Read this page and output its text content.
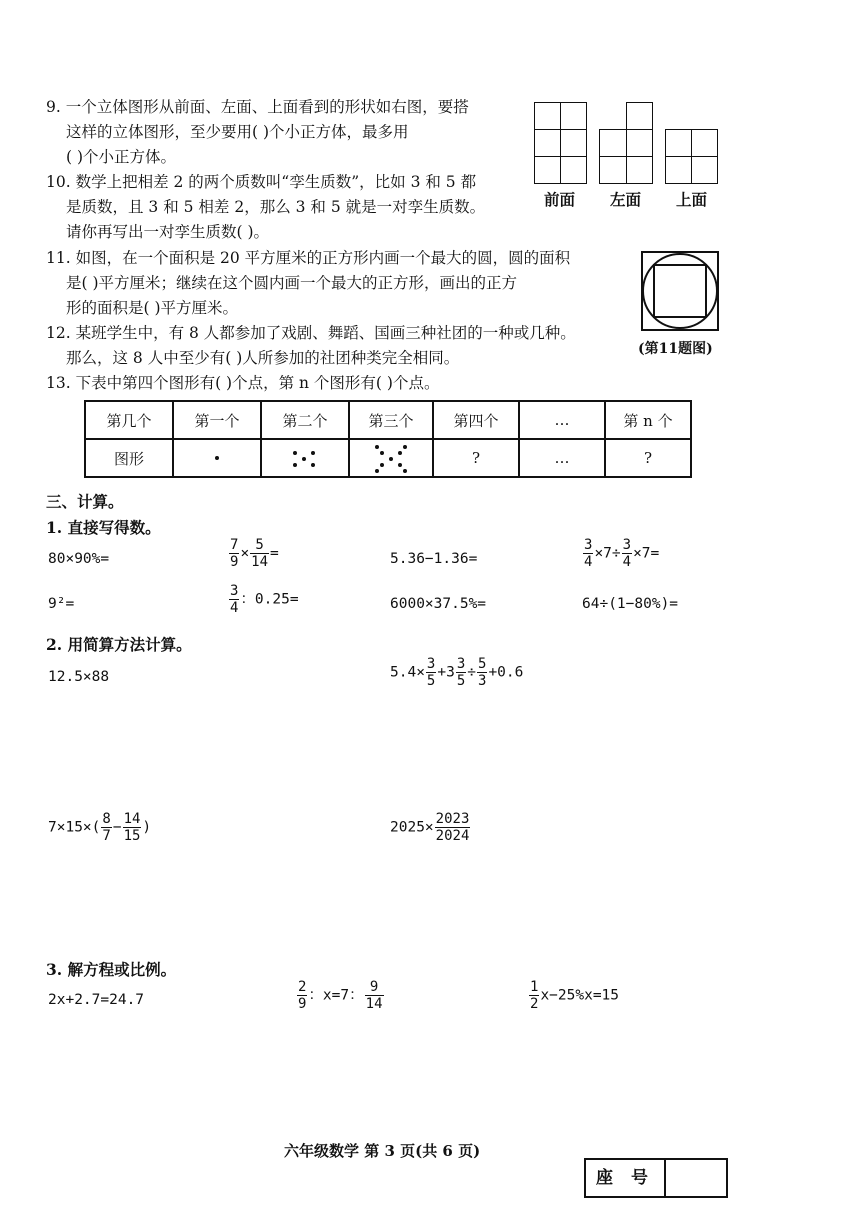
9. 一个立体图形从前面、左面、上面看到的形状如右图，要搭
这样的立体图形，至少要用( )个小正方体，最多用
( )个小正方体。
前面 左面 上面
10. 数学上把相差 2 的两个质数叫“孪生质数”，比如 3 和 5 都
是质数，且 3 和 5 相差 2，那么 3 和 5 就是一对孪生质数。
请你再写出一对孪生质数( )。
11. 如图，在一个面积是 20 平方厘米的正方形内画一个最大的圆，圆的面积
是( )平方厘米；继续在这个圆内画一个最大的正方形，画出的正方
形的面积是( )平方厘米。
(第11题图)
12. 某班学生中，有 8 人都参加了戏剧、舞蹈、国画三种社团的一种或几种。
那么，这 8 人中至少有( )人所参加的社团种类完全相同。
13. 下表中第四个图形有( )个点，第 n 个图形有( )个点。
第几个	第一个	第二个	第三个	第四个	…	第 n 个
图形				?	…	?
三、计算。
1. 直接写得数。
80×90%=	$\frac{7}{9} \times \frac{5}{14}$ =	5.36−1.36=	$\frac{3}{4} \times 7\div \frac{3}{4} \times 7=$
9²=	$\frac{3}{4}$ ：0.25=	6000×37.5%=	64÷(1−80%)=
2. 用简算方法计算。
12.5×88	$5.4\times \frac{3}{5} +3 \frac{3}{5} \div \frac{5}{3} +0.6$
$7\times 15\times( \frac{8}{7} - \frac{14}{15}$ )	$2025\times \frac{2023}{2024}$
3. 解方程或比例。
2x+2.7=24.7	$\frac{2}{9}$ ：x=7： $\frac{9}{14}$	$\frac{1}{2} x-25\%x=15$
六年级数学 第 3 页(共 6 页)
座 号
